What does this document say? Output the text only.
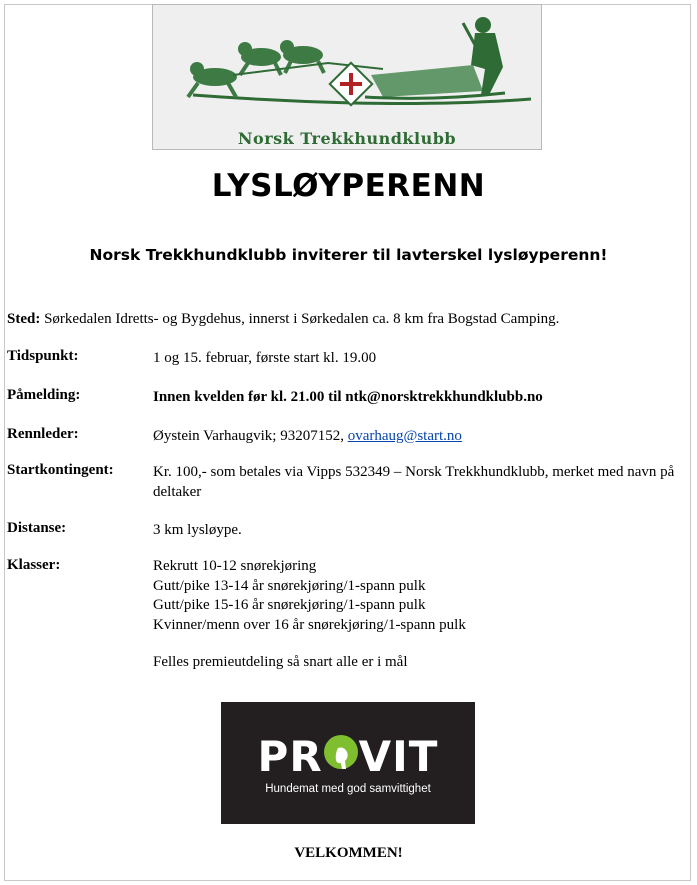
Norsk Trekkhundklubb
LYSLØYPERENN
Norsk Trekkhundklubb inviterer til lavterskel lysløyperenn!
Sted: Sørkedalen Idretts- og Bygdehus, innerst i Sørkedalen ca. 8 km fra Bogstad Camping.
Tidspunkt:	1 og 15. februar, første start kl. 19.00
Påmelding:	Innen kvelden før kl. 21.00 til ntk@norsktrekkhundklubb.no
Rennleder:	Øystein Varhaugvik; 93207152, ovarhaug@start.no
Startkontingent:	Kr. 100,- som betales via Vipps 532349 – Norsk Trekkhundklubb, merket med navn på deltaker
Distanse:	3 km lysløype.
Klasser:	Rekrutt 10-12 snørekjøring
Gutt/pike 13-14 år snørekjøring/1-spann pulk
Gutt/pike 15-16 år snørekjøring/1-spann pulk
Kvinner/menn over 16 år snørekjøring/1-spann pulk
Felles premieutdeling så snart alle er i mål
PR VIT
Hundemat med god samvittighet
VELKOMMEN!
